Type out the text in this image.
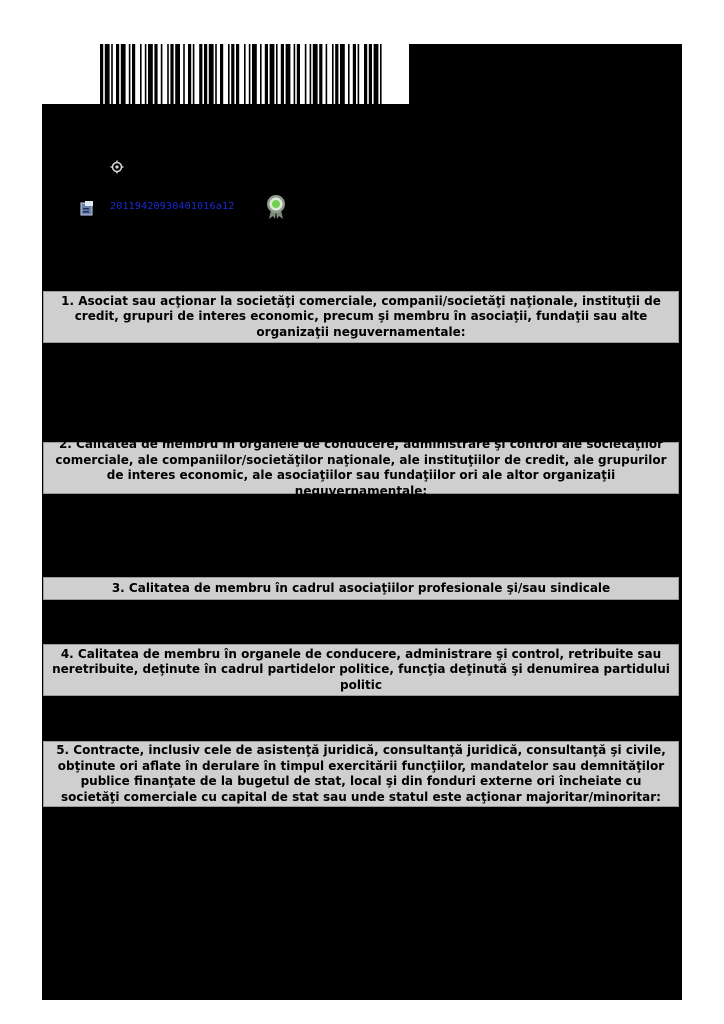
20119420930401016a12
1. Asociat sau acţionar la societăţi comerciale, companii/societăţi naţionale, instituţii de credit, grupuri de interes economic, precum şi membru în asociaţii, fundaţii sau alte organizaţii neguvernamentale:
2. Calitatea de membru în organele de conducere, administrare şi control ale societăţilor comerciale, ale companiilor/societăţilor naţionale, ale instituţiilor de credit, ale grupurilor de interes economic, ale asociaţiilor sau fundaţiilor ori ale altor organizaţii neguvernamentale:
3. Calitatea de membru în cadrul asociaţiilor profesionale şi/sau sindicale
4. Calitatea de membru în organele de conducere, administrare şi control, retribuite sau neretribuite, deţinute în cadrul partidelor politice, funcţia deţinută şi denumirea partidului politic
5. Contracte, inclusiv cele de asistenţă juridică, consultanţă juridică, consultanţă şi civile, obţinute ori aflate în derulare în timpul exercitării funcţiilor, mandatelor sau demnităţilor publice finanţate de la bugetul de stat, local şi din fonduri externe ori încheiate cu societăţi comerciale cu capital de stat sau unde statul este acţionar majoritar/minoritar:
